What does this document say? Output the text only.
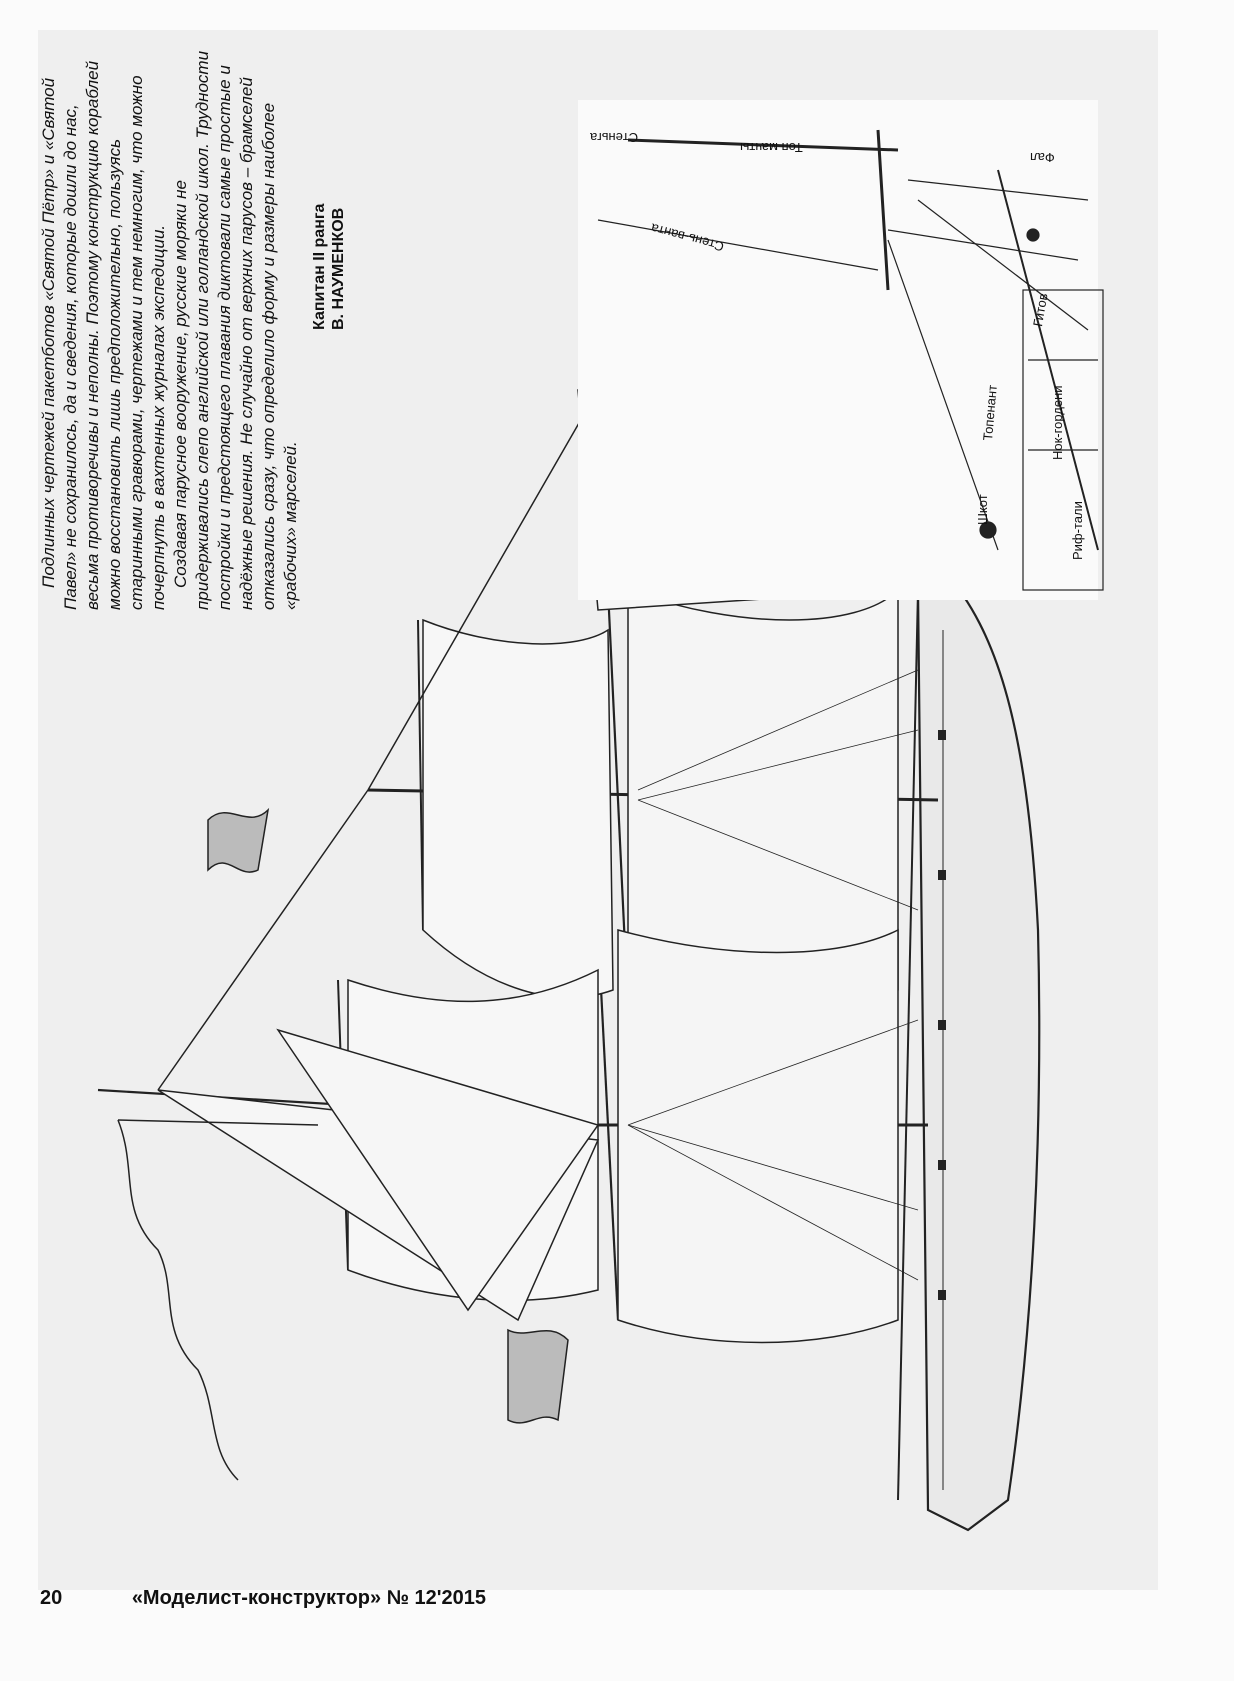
Подлинных чертежей пакетботов «Святой Пётр» и «Святой Павел» не сохранилось, да и сведения, которые дошли до нас, весьма противоречивы и неполны. Поэтому конструкцию кораблей можно восстановить лишь предположительно, пользуясь старинными гравюрами, чертежами и тем немногим, что можно почерпнуть в вахтенных журналах экспедиции. Создавая парусное вооружение, русские моряки не придерживались слепо английской или голландской школ. Трудности постройки и предстоящего плавания диктовали самые простые и надёжные решения. Не случайно от верхних парусов – брамселей отказались сразу, что определило форму и размеры наиболее «рабочих» марселей.

Капитан II ранга В. НАУМЕНКОВ	Стень-ванта
Стеньга
Топ мачты
Фал
Гитов
Нок-гордени
Топенант
Шкот	Риф-тали
20	«Моделист-конструктор» № 12'2015
